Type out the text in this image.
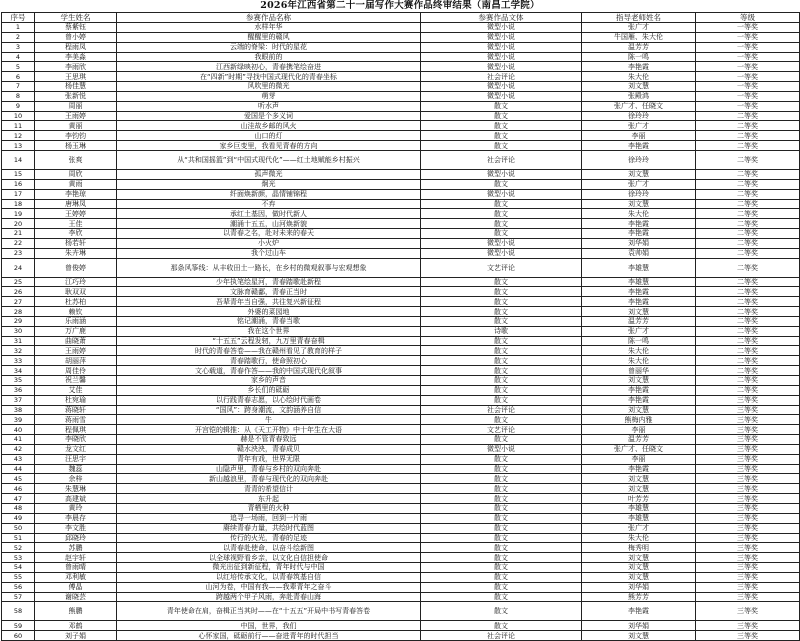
2026年江西省第二十一届写作大赛作品终审结果（南昌工学院）
序号	学生姓名	参赛作品名称	参赛作品文体	指导老师姓名	等级
1	蔡紫钰	水样年华	微型小说	张广才	一等奖
2	曾小婷	醒醒里的赣风	微型小说	牛国雁、朱大伦	一等奖
3	程雨凤	云端的脊梁：时代的星花	微型小说	温芳芳	一等奖
4	李美淼	我眼前的	微型小说	陈一鸣	一等奖
5	李雨欣	江西新绿映初心，青春携笔绘奋进	微型小说	李艳霞	一等奖
6	王思琪	在“四新”时期”寻找中国式现代化的青春坐标	社会评论	朱大伦	一等奖
7	杨佳慧	风吹里的微光	微型小说	刘文慧	一等奖
8	张新悦	萌芽	微型小说	张殿鸿	一等奖
9	周丽	听水声	散文	张广才、任晓文	一等奖
10	王雨婷	爱国是个多义词	散文	徐玲玲	二等奖
11	黄丽	山洼故乡邮的风火	散文	张广才	二等奖
12	李钧钧	山口的灯	散文	李丽	二等奖
13	杨玉琳	家乡巨变里，我看见青春的方向	散文	李艳霞	二等奖
14	张爽	从“共和国摇篮”到“中国式现代化”——红土地赋能乡村振兴	社会评论	徐玲玲	二等奖
15	周欣	孤声微光	微型小说	刘文慧	二等奖
16	黄雨	炯光	散文	张广才	二等奖
17	李艳琼	纤面焕新颜，晶情铺锦程	微型小说	徐玲玲	二等奖
18	唐琳凤	不弃	散文	刘文慧	二等奖
19	王婷婷	承红土基因，做时代新人	散文	朱大伦	二等奖
20	王佳	潮涌十五五，山河焕新貌	散文	李艳霞	二等奖
21	李欣	以青春之名，赴对未来的春天	散文	李艳霞	二等奖
22	杨若轩	小火炉	微型小说	刘华娟	二等奖
23	朱卉琳	我个过山车	微型小说	袁帅娟	二等奖
24	曾俊婷	那条风筝线：从丰收田土一路长，在乡村的微观叙事与宏观想象	文艺评论	李雄慧	二等奖
25	江巧玲	少年执笔绘星河，青春踏歌赴新程	散文	李雄慧	二等奖
26	耿双双	文脉育赣鄱，青春正当时	散文	李艳霞	二等奖
27	杜苏柏	吾辈青年当自强，共往复兴新征程	散文	李艳霞	二等奖
28	赖钦	外婆的菜园地	散文	刘文慧	二等奖
29	乐雨涵	铭记潮涌，青春当歌	散文	温芳芳	二等奖
30	万广鹿	我在这个世界	诗歌	张广才	二等奖
31	曲晓萧	“十五五”云程发轫，九万里青春奋楫	散文	陈一鸣	二等奖
32	王雨婷	时代的青春答卷——我在赣州看见了教育的样子	散文	朱大伦	二等奖
33	胡丽萍	青春踏歌行，使命照初心	散文	朱大伦	二等奖
34	周佳伶	文心载道，青春作答——我的中国式现代化叙事	散文	曾丽华	二等奖
35	祝兰馨	家乡的声音	散文	刘文慧	二等奖
36	艾佳	乡长们的砥砺	散文	李艳霞	二等奖
37	杜宛瑜	以行践青春志愿，以心绘时代画卷	散文	李艳霞	三等奖
38	蒋晓轩	“国风”：跨身潮流，文韵涵养自信	社会评论	刘文慧	三等奖
39	蒋雨雪	牛	散文	熊梅内雅	三等奖
40	程佩琪	开宫铠的辑推：从《天工开物》中十年生在大语	文艺评论	李丽	三等奖
41	李晓欣	赫是不管青春致远	散文	温芳芳	三等奖
42	龙文红	赣水泱泱，青春成贝	微型小说	张广才、任晓文	三等奖
43	汪思宇	青年有戏，世界无限	散文	李丽	三等奖
44	魏蕊	山隐声里，青春与乡村的双向奔赴	散文	李艳霞	三等奖
45	余梓	新山越浪里，青春与现代化的双向奔赴	散文	刘文慧	三等奖
46	朱慧琳	青青的希望信计	散文	刘文慧	三等奖
47	高建斌	东升起	散文	叶芳芳	三等奖
48	黄玲	青栖里的火种	散文	李雄慧	三等奖
49	李晨存	追寻一场雨，回到一片雨	散文	李雄慧	三等奖
50	李文胜	赓续青春力量，共绘时代蓝图	散文	张广才	三等奖
51	邱晓玲	传行的火光，青春的足迹	散文	朱大伦	三等奖
52	苏鹏	以青春赴使命，以奋斗绘新图	散文	梅秀明	三等奖
53	赵宇轩	以全球视野看乡亲，以文化自信担使命	散文	刘文慧	三等奖
54	曾雨晴	微光出征到新征程，青年时代与中国	散文	刘文慧	三等奖
55	邓利敏	以红培传承文化，以青春筑基自信	散文	刘文慧	三等奖
56	傅晶	山河为卷，中国有我——我辈青年之奋斗	散文	刘华娟	三等奖
57	谢晓芸	跨越两个甲子风雨，奔赴青春山海	散文	熊芳芳	三等奖
58	熊鹏	青年使命在肩，奋楫正当其时——在“十五五”开局中书写青春答卷	散文	李艳霞	三等奖
59	邓鹤	中国，世界，我们	散文	刘华娟	三等奖
60	刘子娟	心怀家国，砥砺前行——奋进青年的时代担当	社会评论	刘文慧	三等奖
